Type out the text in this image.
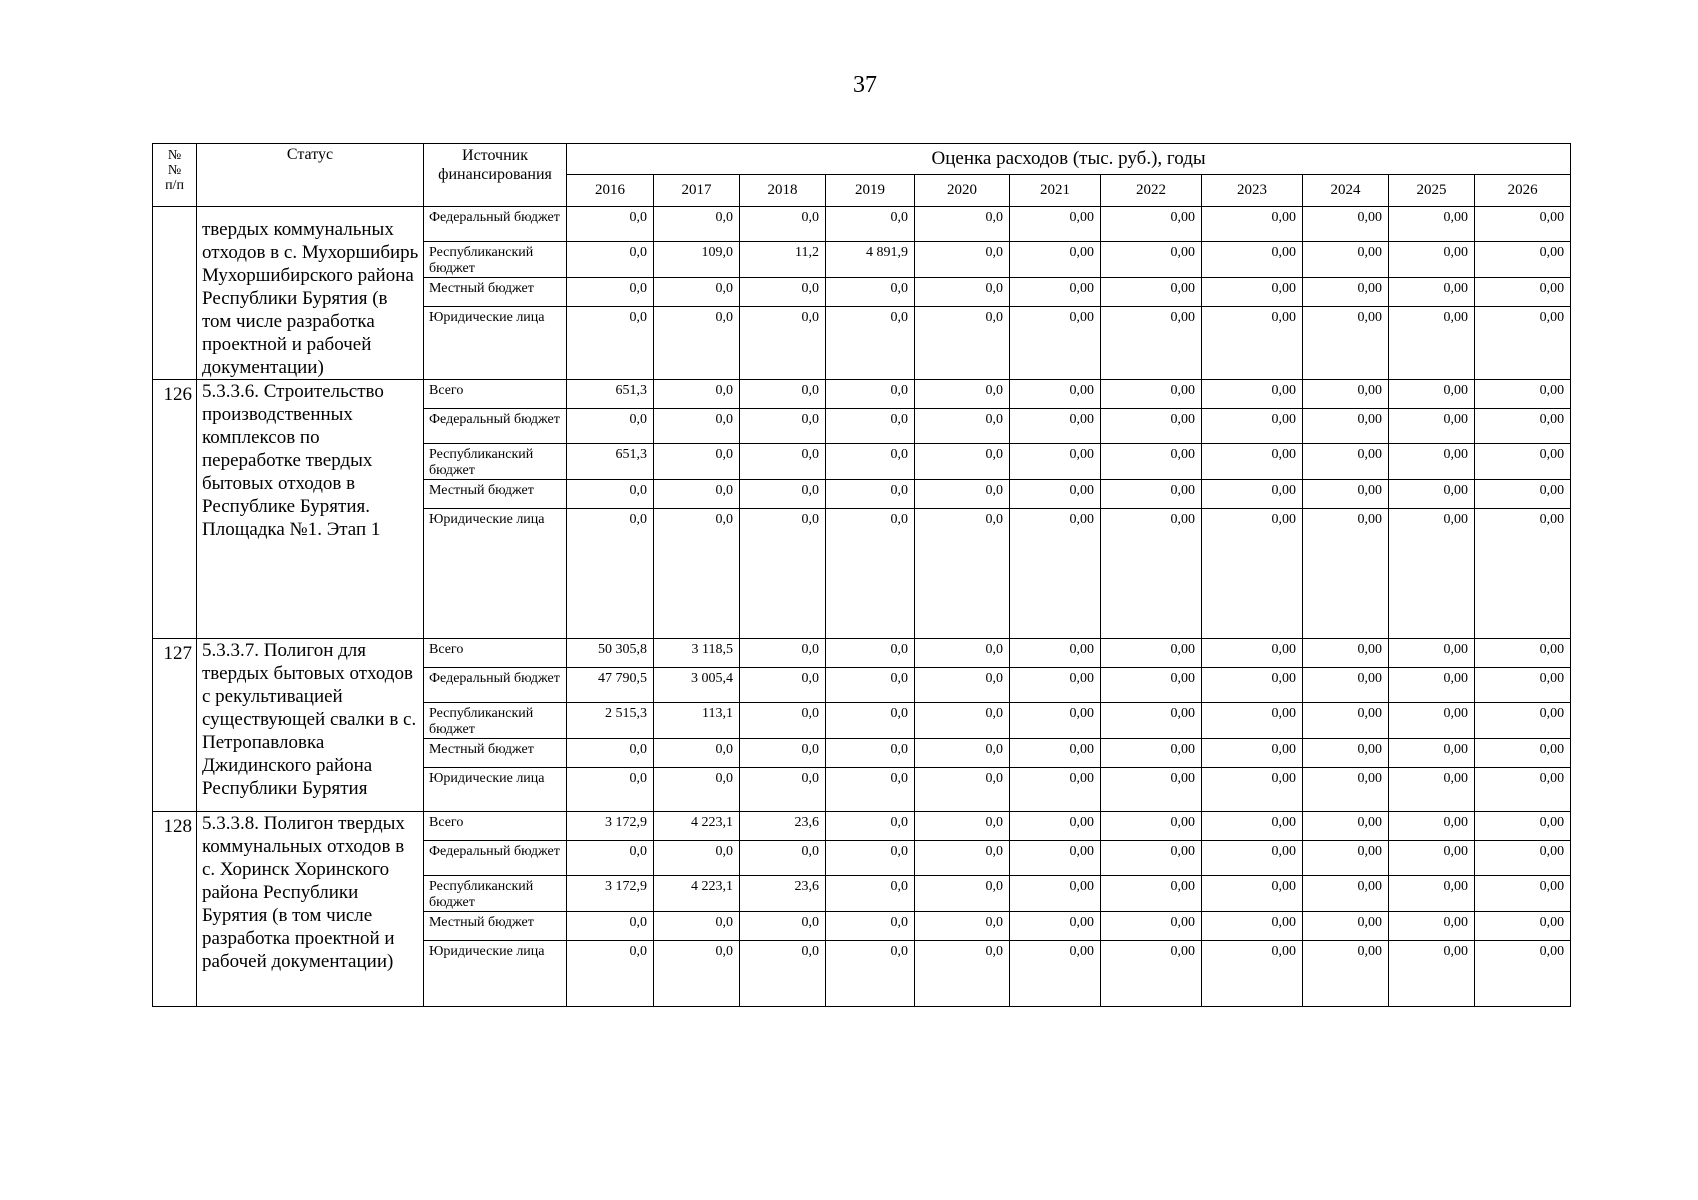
37
№
№
п/п	Статус	Источник финансирования	Оценка расходов (тыс. руб.), годы										
			2016	2017	2018	2019	2020	2021	2022	2023	2024	2025	2026
	твердых коммунальных отходов в с. Мухоршибирь Мухоршибирского района Республики Бурятия (в том числе разработка проектной и рабочей документации)	Федеральный бюджет	0,0	0,0	0,0	0,0	0,0	0,00	0,00	0,00	0,00	0,00	0,00
		Республиканский бюджет	0,0	109,0	11,2	4 891,9	0,0	0,00	0,00	0,00	0,00	0,00	0,00
		Местный бюджет	0,0	0,0	0,0	0,0	0,0	0,00	0,00	0,00	0,00	0,00	0,00
		Юридические лица	0,0	0,0	0,0	0,0	0,0	0,00	0,00	0,00	0,00	0,00	0,00
126	5.3.3.6. Строительство производственных комплексов по переработке твердых бытовых отходов в Республике Бурятия. Площадка №1. Этап 1	Всего	651,3	0,0	0,0	0,0	0,0	0,00	0,00	0,00	0,00	0,00	0,00
		Федеральный бюджет	0,0	0,0	0,0	0,0	0,0	0,00	0,00	0,00	0,00	0,00	0,00
		Республиканский бюджет	651,3	0,0	0,0	0,0	0,0	0,00	0,00	0,00	0,00	0,00	0,00
		Местный бюджет	0,0	0,0	0,0	0,0	0,0	0,00	0,00	0,00	0,00	0,00	0,00
		Юридические лица	0,0	0,0	0,0	0,0	0,0	0,00	0,00	0,00	0,00	0,00	0,00
127	5.3.3.7. Полигон для твердых бытовых отходов с рекультивацией существующей свалки в с. Петропавловка Джидинского района Республики Бурятия	Всего	50 305,8	3 118,5	0,0	0,0	0,0	0,00	0,00	0,00	0,00	0,00	0,00
		Федеральный бюджет	47 790,5	3 005,4	0,0	0,0	0,0	0,00	0,00	0,00	0,00	0,00	0,00
		Республиканский бюджет	2 515,3	113,1	0,0	0,0	0,0	0,00	0,00	0,00	0,00	0,00	0,00
		Местный бюджет	0,0	0,0	0,0	0,0	0,0	0,00	0,00	0,00	0,00	0,00	0,00
		Юридические лица	0,0	0,0	0,0	0,0	0,0	0,00	0,00	0,00	0,00	0,00	0,00
128	5.3.3.8. Полигон твердых коммунальных отходов в с. Хоринск Хоринского района Республики Бурятия (в том числе разработка проектной и рабочей документации)	Всего	3 172,9	4 223,1	23,6	0,0	0,0	0,00	0,00	0,00	0,00	0,00	0,00
		Федеральный бюджет	0,0	0,0	0,0	0,0	0,0	0,00	0,00	0,00	0,00	0,00	0,00
		Республиканский бюджет	3 172,9	4 223,1	23,6	0,0	0,0	0,00	0,00	0,00	0,00	0,00	0,00
		Местный бюджет	0,0	0,0	0,0	0,0	0,0	0,00	0,00	0,00	0,00	0,00	0,00
		Юридические лица	0,0	0,0	0,0	0,0	0,0	0,00	0,00	0,00	0,00	0,00	0,00
